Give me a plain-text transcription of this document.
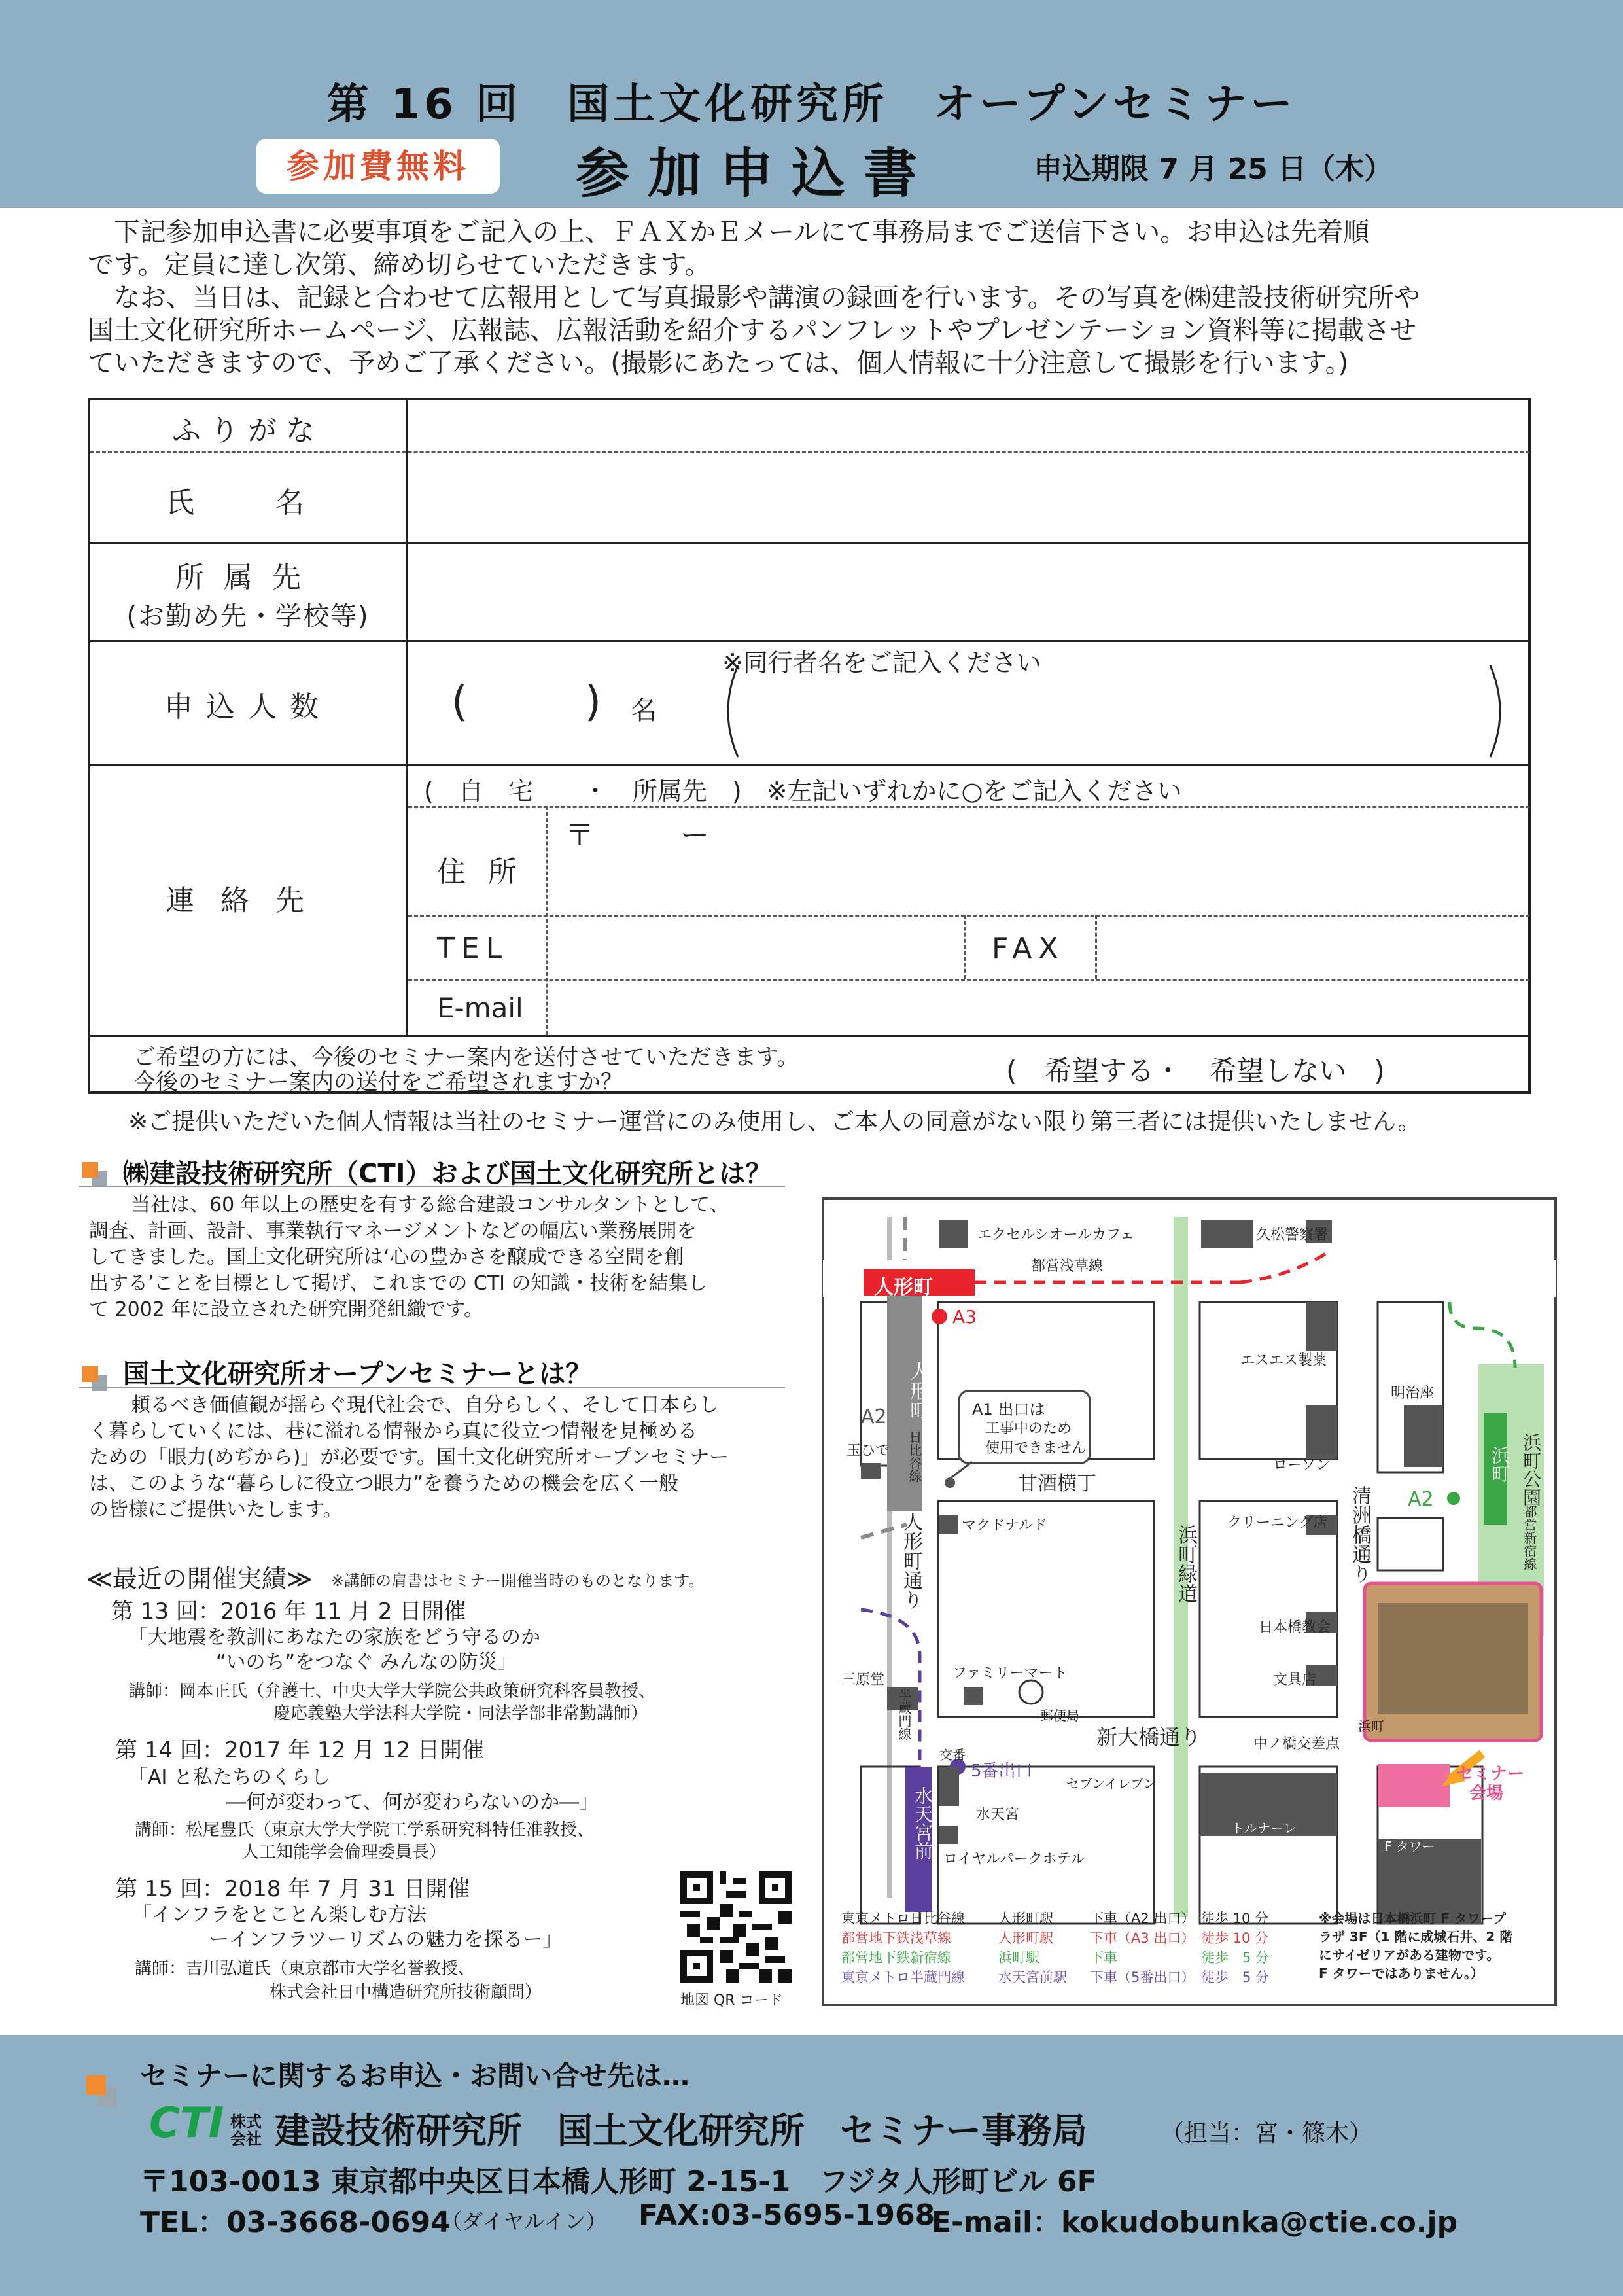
第 16 回　国土文化研究所　オープンセミナー
参加費無料	参加申込書	申込期限 7 月 25 日（木）
下記参加申込書に必要事項をご記入の上、ＦＡＸかＥメールにて事務局までご送信下さい。お申込は先着順
です。定員に達し次第、締め切らせていただきます。
なお、当日は、記録と合わせて広報用として写真撮影や講演の録画を行います。その写真を㈱建設技術研究所や
国土文化研究所ホームページ、広報誌、広報活動を紹介するパンフレットやプレゼンテーション資料等に掲載させ
ていただきますので、予めご了承ください。(撮影にあたっては、個人情報に十分注意して撮影を行います。)
ふりがな
氏　名
所属先
(お勤め先・学校等)
申込人数	(	) 名
※同行者名をご記入ください
連絡先
(　自　宅　　・　所属先　)　※左記いずれかに○をご記入ください
住 所
〒　　　ー
TEL	FAX
E-mail
ご希望の方には、今後のセミナー案内を送付させていただきます。
今後のセミナー案内の送付をご希望されますか？	(　希望する・　希望しない　)
※ご提供いただいた個人情報は当社のセミナー運営にのみ使用し、ご本人の同意がない限り第三者には提供いたしません。
㈱建設技術研究所（CTI）および国土文化研究所とは？
当社は、60 年以上の歴史を有する総合建設コンサルタントとして、
調査、計画、設計、事業執行マネージメントなどの幅広い業務展開を
してきました。国土文化研究所は‘心の豊かさを醸成できる空間を創
出する’ことを目標として掲げ、これまでの CTI の知識・技術を結集し
て 2002 年に設立された研究開発組織です。
国土文化研究所オープンセミナーとは？
頼るべき価値観が揺らぐ現代社会で、自分らしく、そして日本らし
く暮らしていくには、巷に溢れる情報から真に役立つ情報を見極める
ための「眼力(めぢから)」が必要です。国土文化研究所オープンセミナー
は、このような“暮らしに役立つ眼力”を養うための機会を広く一般
の皆様にご提供いたします。
≪最近の開催実績≫ ※講師の肩書はセミナー開催当時のものとなります。
第 13 回：2016 年 11 月 2 日開催
「大地震を教訓にあなたの家族をどう守るのか
“いのち”をつなぐ みんなの防災」
講師：岡本正氏（弁護士、中央大学大学院公共政策研究科客員教授、
慶応義塾大学法科大学院・同法学部非常勤講師）
第 14 回：2017 年 12 月 12 日開催
「AI と私たちのくらし
―何が変わって、何が変わらないのか―」
講師：松尾豊氏（東京大学大学院工学系研究科特任准教授、
人工知能学会倫理委員長）
第 15 回：2018 年 7 月 31 日開催
「インフラをとことん楽しむ方法
ーインフラツーリズムの魅力を探るー」
講師：吉川弘道氏（東京都市大学名誉教授、
株式会社日中構造研究所技術顧問）	地図 QR コード
エクセルシオールカフェ	久松警察署
都営浅草線
人形町
A3
人形町
日比谷線
A2
玉ひで
A1 出口は
工事中のため
使用できません
甘酒横丁
エスエス製薬
ローソン
明治座
浜町 浜町公園
都営新宿線
A2
マクドナルド
人形町通り	浜町緑道	清洲橋通り
クリーニング店
日本橋教会
文具店
三原堂	ファミリーマート
郵便局
新大橋通り	浜町
中ノ橋交差点
交番
5番出口
セブンイレブン
半蔵門線
水天宮
水天宮前 ロイヤルパークホテル
トルナーレ
日本橋浜町	F タワー
セミナー
会場
東京メトロ日比谷線 人形町駅	下車（A2 出口） 徒歩 10 分
都営地下鉄浅草線	人形町駅	下車（A3 出口） 徒歩 10 分
都営地下鉄新宿線	浜町駅	下車	徒歩　5 分
東京メトロ半蔵門線 水天宮前駅 下車（5番出口） 徒歩　5 分
※会場は日本橋浜町 F タワープ
ラザ 3F（1 階に成城石井、2 階
にサイゼリアがある建物です。
F タワーではありません。）
セミナーに関するお申込・お問い合せ先は…
CTI 株式会社 建設技術研究所　国土文化研究所　セミナー事務局	（担当：宮・篠木）
〒103-0013 東京都中央区日本橋人形町 2-15-1　フジタ人形町ビル 6F
TEL：03-3668-0694
（ダイヤルイン） FAX:03-5695-1968
E-mail：kokudobunka@ctie.co.jp
